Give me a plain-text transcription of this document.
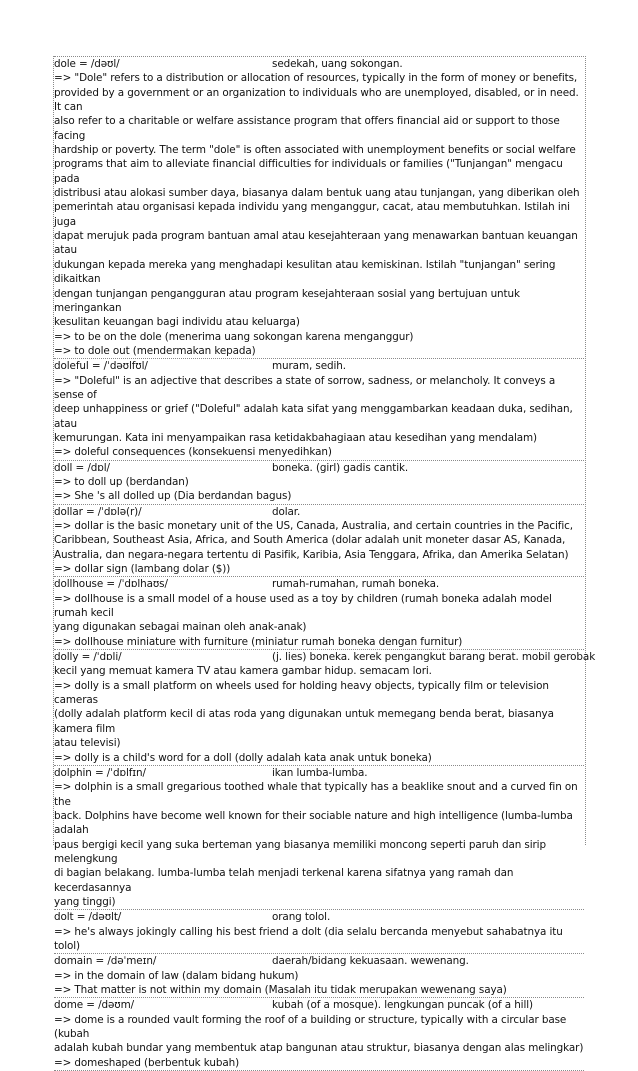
dole = /dəʊl/	sedekah, uang sokongan.
=> "Dole" refers to a distribution or allocation of resources, typically in the form of money or benefits,
provided by a government or an organization to individuals who are unemployed, disabled, or in need. It can
also refer to a charitable or welfare assistance program that offers financial aid or support to those facing
hardship or poverty. The term "dole" is often associated with unemployment benefits or social welfare
programs that aim to alleviate financial difficulties for individuals or families ("Tunjangan" mengacu pada
distribusi atau alokasi sumber daya, biasanya dalam bentuk uang atau tunjangan, yang diberikan oleh
pemerintah atau organisasi kepada individu yang menganggur, cacat, atau membutuhkan. Istilah ini juga
dapat merujuk pada program bantuan amal atau kesejahteraan yang menawarkan bantuan keuangan atau
dukungan kepada mereka yang menghadapi kesulitan atau kemiskinan. Istilah "tunjangan" sering dikaitkan
dengan tunjangan pengangguran atau program kesejahteraan sosial yang bertujuan untuk meringankan
kesulitan keuangan bagi individu atau keluarga)
=> to be on the dole (menerima uang sokongan karena menganggur)
=> to dole out (mendermakan kepada)
doleful = /ˈdəʊlfʊl/	muram, sedih.
=> "Doleful" is an adjective that describes a state of sorrow, sadness, or melancholy. It conveys a sense of
deep unhappiness or grief ("Doleful" adalah kata sifat yang menggambarkan keadaan duka, sedihan, atau
kemurungan. Kata ini menyampaikan rasa ketidakbahagiaan atau kesedihan yang mendalam)
=> doleful consequences (konsekuensi menyedihkan)
doll = /dɒl/	boneka. (girl) gadis cantik.
=> to doll up (berdandan)
=> She 's all dolled up (Dia berdandan bagus)
dollar = /ˈdɒlə(r)/	dolar.
=> dollar is the basic monetary unit of the US, Canada, Australia, and certain countries in the Pacific,
Caribbean, Southeast Asia, Africa, and South America (dolar adalah unit moneter dasar AS, Kanada,
Australia, dan negara-negara tertentu di Pasifik, Karibia, Asia Tenggara, Afrika, dan Amerika Selatan)
=> dollar sign (lambang dolar ($))
dollhouse = /ˈdɒlhaʊs/	rumah-rumahan, rumah boneka.
=> dollhouse is a small model of a house used as a toy by children (rumah boneka adalah model rumah kecil
yang digunakan sebagai mainan oleh anak-anak)
=> dollhouse miniature with furniture (miniatur rumah boneka dengan furnitur)
dolly = /ˈdɒli/	(j. lies) boneka. kerek pengangkut barang berat. mobil gerobak
kecil yang memuat kamera TV atau kamera gambar hidup. semacam lori.
=> dolly is a small platform on wheels used for holding heavy objects, typically film or television cameras
(dolly adalah platform kecil di atas roda yang digunakan untuk memegang benda berat, biasanya kamera film
atau televisi)
=> dolly is a child's word for a doll (dolly adalah kata anak untuk boneka)
dolphin = /ˈdɒlfɪn/	ikan lumba-lumba.
=> dolphin is a small gregarious toothed whale that typically has a beaklike snout and a curved fin on the
back. Dolphins have become well known for their sociable nature and high intelligence (lumba-lumba adalah
paus bergigi kecil yang suka berteman yang biasanya memiliki moncong seperti paruh dan sirip melengkung
di bagian belakang. lumba-lumba telah menjadi terkenal karena sifatnya yang ramah dan kecerdasannya
yang tinggi)
dolt = /dəʊlt/	orang tolol.
=> he's always jokingly calling his best friend a dolt (dia selalu bercanda menyebut sahabatnya itu tolol)
domain = /dəˈmeɪn/	daerah/bidang kekuasaan. wewenang.
=> in the domain of law (dalam bidang hukum)
=> That matter is not within my domain (Masalah itu tidak merupakan wewenang saya)
dome = /dəʊm/	kubah (of a mosque). lengkungan puncak (of a hill)
=> dome is a rounded vault forming the roof of a building or structure, typically with a circular base (kubah
adalah kubah bundar yang membentuk atap bangunan atau struktur, biasanya dengan alas melingkar)
=> domeshaped (berbentuk kubah)
